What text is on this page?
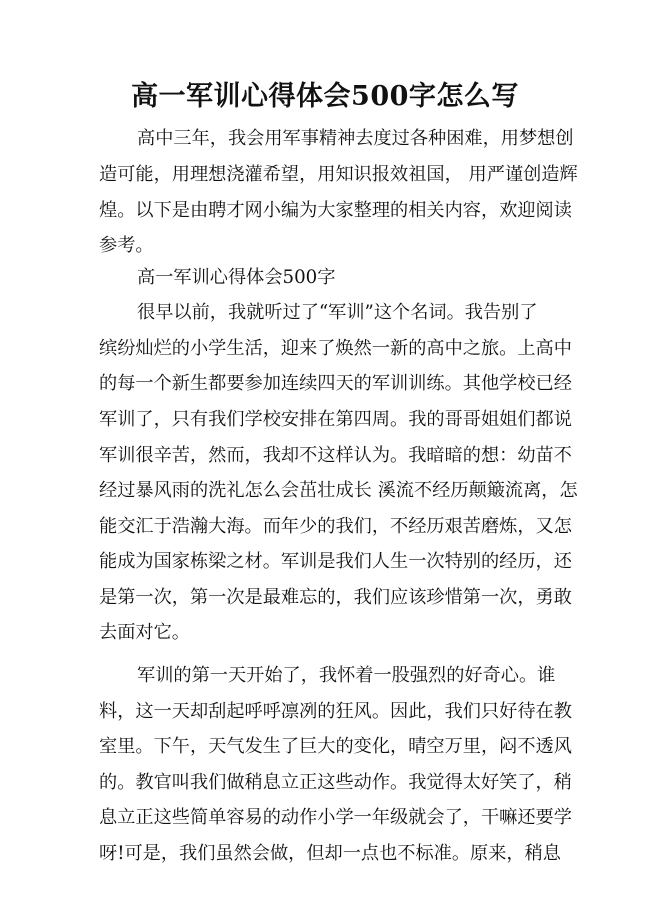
高一军训心得体会500字怎么写

高中三年，我会用军事精神去度过各种困难，用梦想创

造可能，用理想浇灌希望，用知识报效祖国， 用严谨创造辉

煌。以下是由聘才网小编为大家整理的相关内容，欢迎阅读

参考。

高一军训心得体会500字

很早以前，我就听过了“军训”这个名词。我告别了

缤纷灿烂的小学生活，迎来了焕然一新的高中之旅。上高中

的每一个新生都要参加连续四天的军训训练。其他学校已经

军训了，只有我们学校安排在第四周。我的哥哥姐姐们都说

军训很辛苦，然而，我却不这样认为。我暗暗的想：幼苗不

经过暴风雨的洗礼怎么会茁壮成长 溪流不经历颠簸流离，怎

能交汇于浩瀚大海。而年少的我们，不经历艰苦磨炼，又怎

能成为国家栋梁之材。军训是我们人生一次特别的经历，还

是第一次，第一次是最难忘的，我们应该珍惜第一次，勇敢

去面对它。

军训的第一天开始了，我怀着一股强烈的好奇心。谁

料，这一天却刮起呼呼凛冽的狂风。因此，我们只好待在教

室里。下午，天气发生了巨大的变化，晴空万里，闷不透风

的。教官叫我们做稍息立正这些动作。我觉得太好笑了，稍

息立正这些简单容易的动作小学一年级就会了，干嘛还要学

呀!可是，我们虽然会做，但却一点也不标准。原来，稍息
